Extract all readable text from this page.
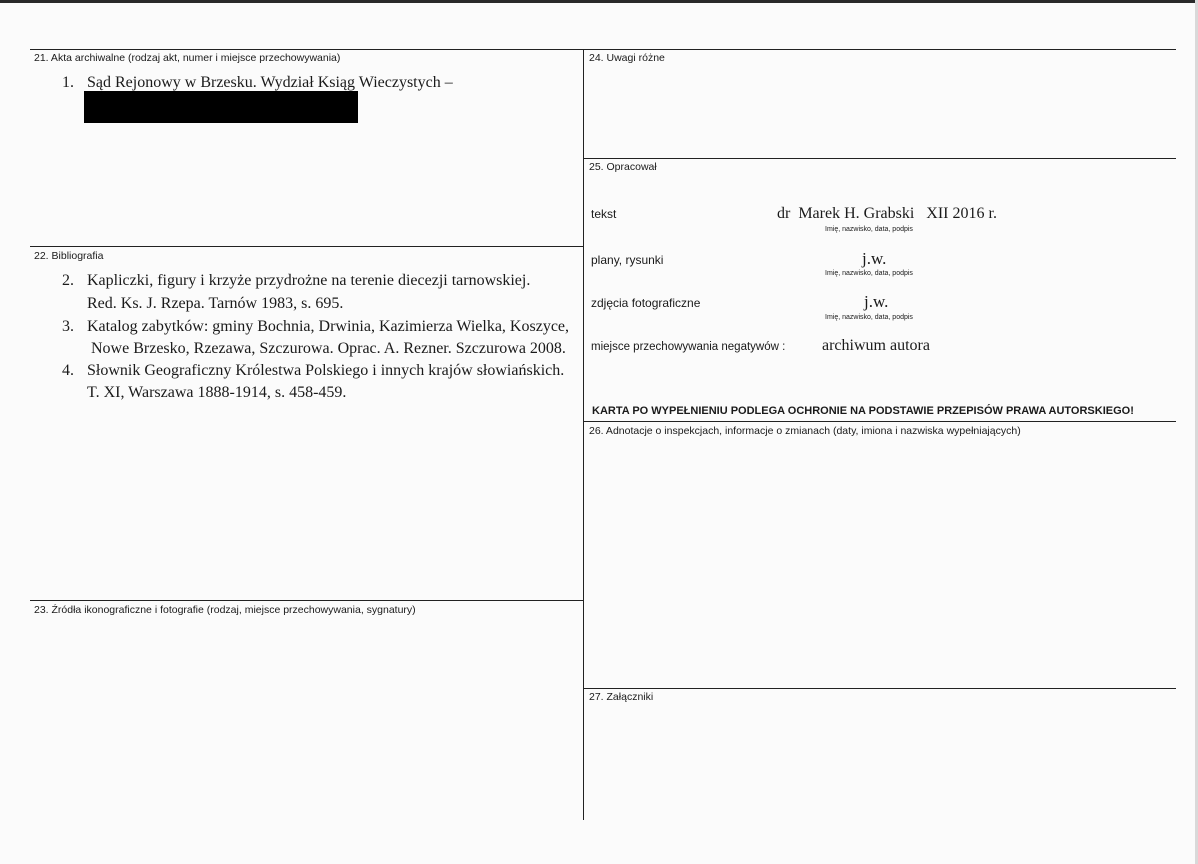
21. Akta archiwalne (rodzaj akt, numer i miejsce przechowywania)
1. Sąd Rejonowy w Brzesku. Wydział Ksiąg Wieczystych –
22. Bibliografia
2. Kapliczki, figury i krzyże przydrożne na terenie diecezji tarnowskiej.
Red. Ks. J. Rzepa. Tarnów 1983, s. 695.
3. Katalog zabytków: gminy Bochnia, Drwinia, Kazimierza Wielka, Koszyce,
Nowe Brzesko, Rzezawa, Szczurowa. Oprac. A. Rezner. Szczurowa 2008.
4. Słownik Geograficzny Królestwa Polskiego i innych krajów słowiańskich.
T. XI, Warszawa 1888-1914, s. 458-459.
23. Źródła ikonograficzne i fotografie (rodzaj, miejsce przechowywania, sygnatury)
24. Uwagi różne
25. Opracował
tekst	dr  Marek H. Grabski   XII 2016 r.
Imię, nazwisko, data, podpis
plany, rysunki	j.w.
Imię, nazwisko, data, podpis
zdjęcia fotograficzne	j.w.
Imię, nazwisko, data, podpis
miejsce przechowywania negatywów : archiwum autora
KARTA PO WYPEŁNIENIU PODLEGA OCHRONIE NA PODSTAWIE PRZEPISÓW PRAWA AUTORSKIEGO!
26. Adnotacje o inspekcjach, informacje o zmianach (daty, imiona i nazwiska wypełniających)
27. Załączniki
